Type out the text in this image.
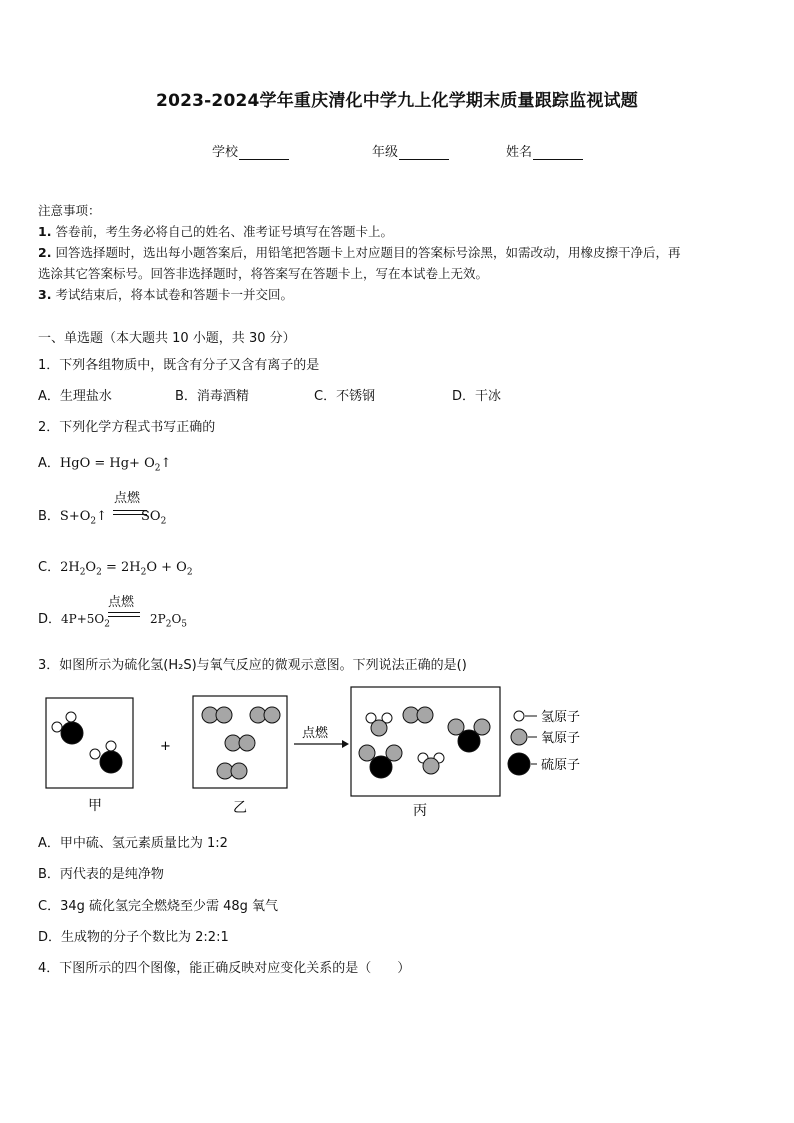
2023-2024学年重庆清化中学九上化学期末质量跟踪监视试题
学校	年级	姓名
注意事项：
1. 答卷前，考生务必将自己的姓名、准考证号填写在答题卡上。
2. 回答选择题时，选出每小题答案后，用铅笔把答题卡上对应题目的答案标号涂黑，如需改动，用橡皮擦干净后，再
选涂其它答案标号。回答非选择题时，将答案写在答题卡上，写在本试卷上无效。
3. 考试结束后，将本试卷和答题卡一并交回。
一、单选题（本大题共 10 小题，共 30 分）
1．下列各组物质中，既含有分子又含有离子的是
A．生理盐水	B．消毒酒精	C．不锈钢	D．干冰
2．下列化学方程式书写正确的
A．HgO = $Hg+ O_2↑$
B．$S+O_2↑$	$SO_2$
点燃
C．$2H_2O_2 = 2H_2O + O_2$
D．$4P+5O_2$	$2P_2O_5$
点燃
3．如图所示为硫化氢(H₂S)与氧气反应的微观示意图。下列说法正确的是()
+
点燃
甲	乙	丙
氢原子
氧原子
硫原子
A．甲中硫、氢元素质量比为 1:2
B．丙代表的是纯净物
C．34g 硫化氢完全燃烧至少需 48g 氧气
D．生成物的分子个数比为 2:2:1
4．下图所示的四个图像，能正确反映对应变化关系的是（　　）
